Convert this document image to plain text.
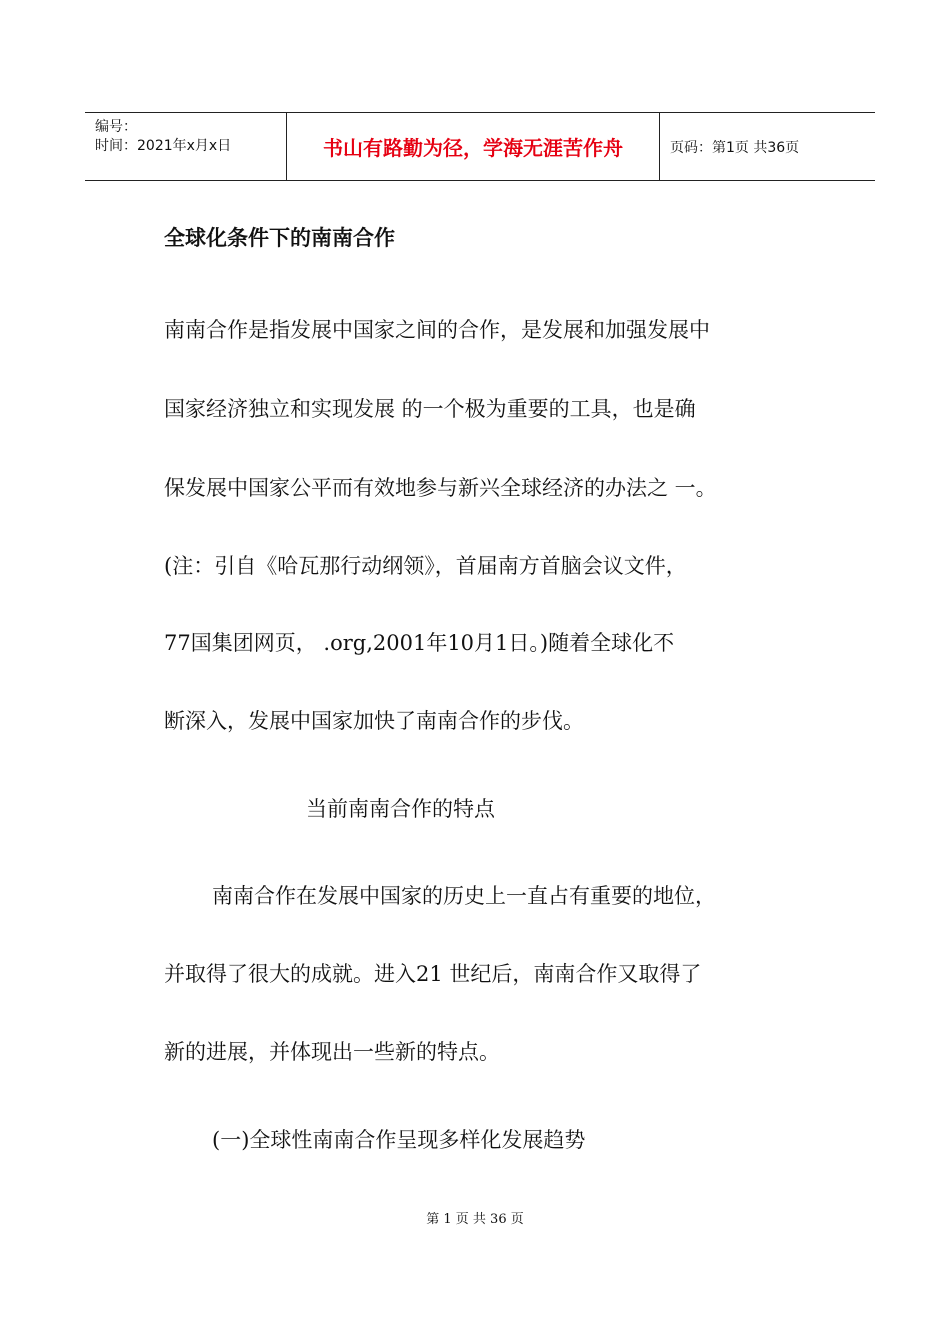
编号：
时间：2021年x月x日	书山有路勤为径，学海无涯苦作舟	页码：第1页 共36页
全球化条件下的南南合作
南南合作是指发展中国家之间的合作，是发展和加强发展中
国家经济独立和实现发展 的一个极为重要的工具，也是确
保发展中国家公平而有效地参与新兴全球经济的办法之 一。
(注：引自《哈瓦那行动纲领》，首届南方首脑会议文件，
77国集团网页， .org,2001年10月1日。)随着全球化不
断深入，发展中国家加快了南南合作的步伐。
当前南南合作的特点
南南合作在发展中国家的历史上一直占有重要的地位，
并取得了很大的成就。进入21 世纪后，南南合作又取得了
新的进展，并体现出一些新的特点。
(一)全球性南南合作呈现多样化发展趋势
第 1 页 共 36 页
